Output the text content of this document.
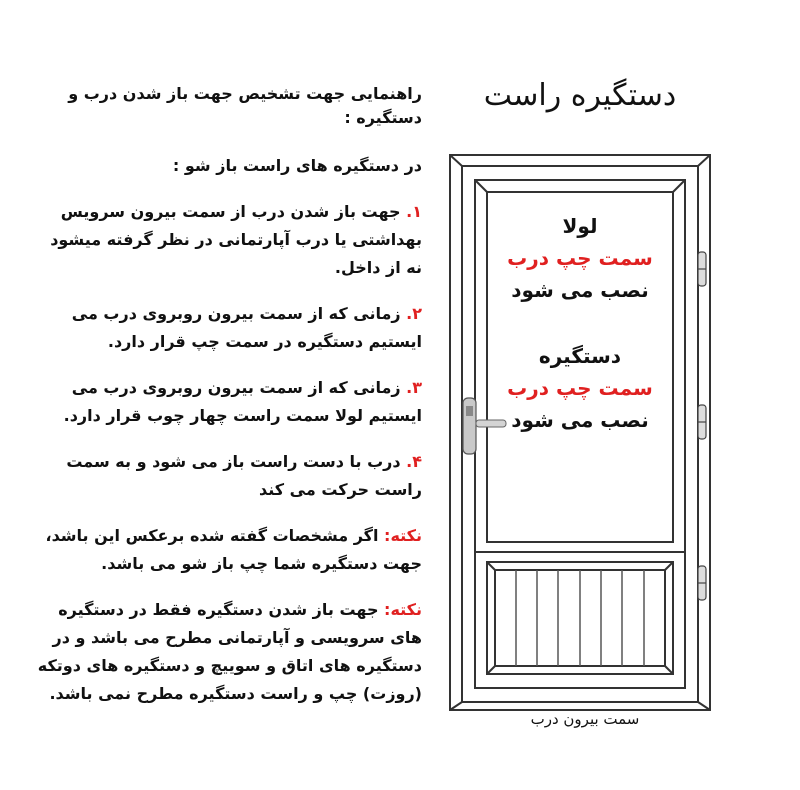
دستگیره راست

راهنمایی جهت تشخیص جهت باز شدن درب و دستگیره :

در دستگیره های راست باز شو :

۱. جهت باز شدن درب از سمت بیرون سرویس بهداشتی یا درب آپارتمانی در نظر گرفته میشود نه از داخل.

۲. زمانی که از سمت بیرون روبروی درب می ایستیم دستگیره در سمت چپ قرار دارد.

۳. زمانی که از سمت بیرون روبروی درب می ایستیم لولا سمت راست چهار چوب قرار دارد.

۴. درب با دست راست باز می شود و به سمت راست حرکت می کند

نکته: اگر مشخصات گفته شده برعکس این باشد، جهت دستگیره شما چپ باز شو می باشد.

نکته: جهت باز شدن دستگیره فقط در دستگیره های سرویسی و آپارتمانی مطرح می باشد و در دستگیره های اتاق و سوییچ و دستگیره های دوتکه (روزت) چپ و راست دستگیره مطرح نمی باشد.

لولا
سمت چپ درب
نصب می شود
دستگیره
سمت چپ درب
نصب می شود
سمت بیرون درب
